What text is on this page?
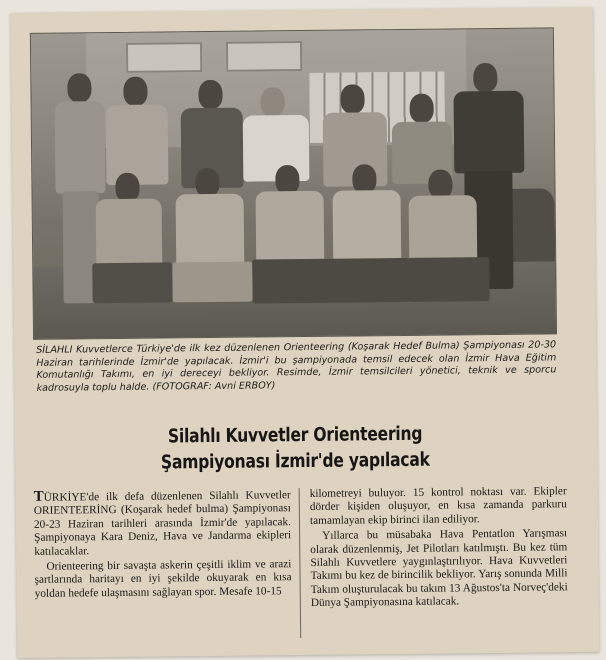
SİLAHLI Kuvvetlerce Türkiye'de ilk kez düzenlenen Orienteering (Koşarak Hedef Bulma) Şampiyonası 20-30 Haziran tarihlerinde İzmir'de yapılacak. İzmir'i bu şampiyonada temsil edecek olan İzmir Hava Eğitim Komutanlığı Takımı, en iyi dereceyi bekliyor. Resimde, İzmir temsilcileri yönetici, teknik ve sporcu kadrosuyla toplu halde. (FOTOGRAF: Avni ERBOY)

Silahlı Kuvvetler Orienteering
Şampiyonası İzmir'de yapılacak

TÜRKİYE'de ilk defa düzenlenen Silahlı Kuvvetler ORIENTEERİNG (Koşarak hedef bulma) Şampiyonası 20-23 Haziran tarihleri arasında İzmir'de yapılacak. Şampiyonaya Kara Deniz, Hava ve Jandarma ekipleri katılacaklar.

Orienteering bir savaşta askerin çeşitli iklim ve arazi şartlarında haritayı en iyi şekilde okuyarak en kısa yoldan hedefe ulaşmasını sağlayan spor. Mesafe 10-15

kilometreyi buluyor. 15 kontrol noktası var. Ekipler dörder kişiden oluşuyor, en kısa zamanda parkuru tamamlayan ekip birinci ilan ediliyor.

Yıllarca bu müsabaka Hava Pentatlon Yarışması olarak düzenlenmiş, Jet Pilotları katılmıştı. Bu kez tüm Silahlı Kuvvetlere yaygınlaştırılıyor. Hava Kuvvetleri Takımı bu kez de birincilik bekliyor. Yarış sonunda Milli Takım oluşturulacak bu takım 13 Ağustos'ta Norveç'deki Dünya Şampiyonasına katılacak.
